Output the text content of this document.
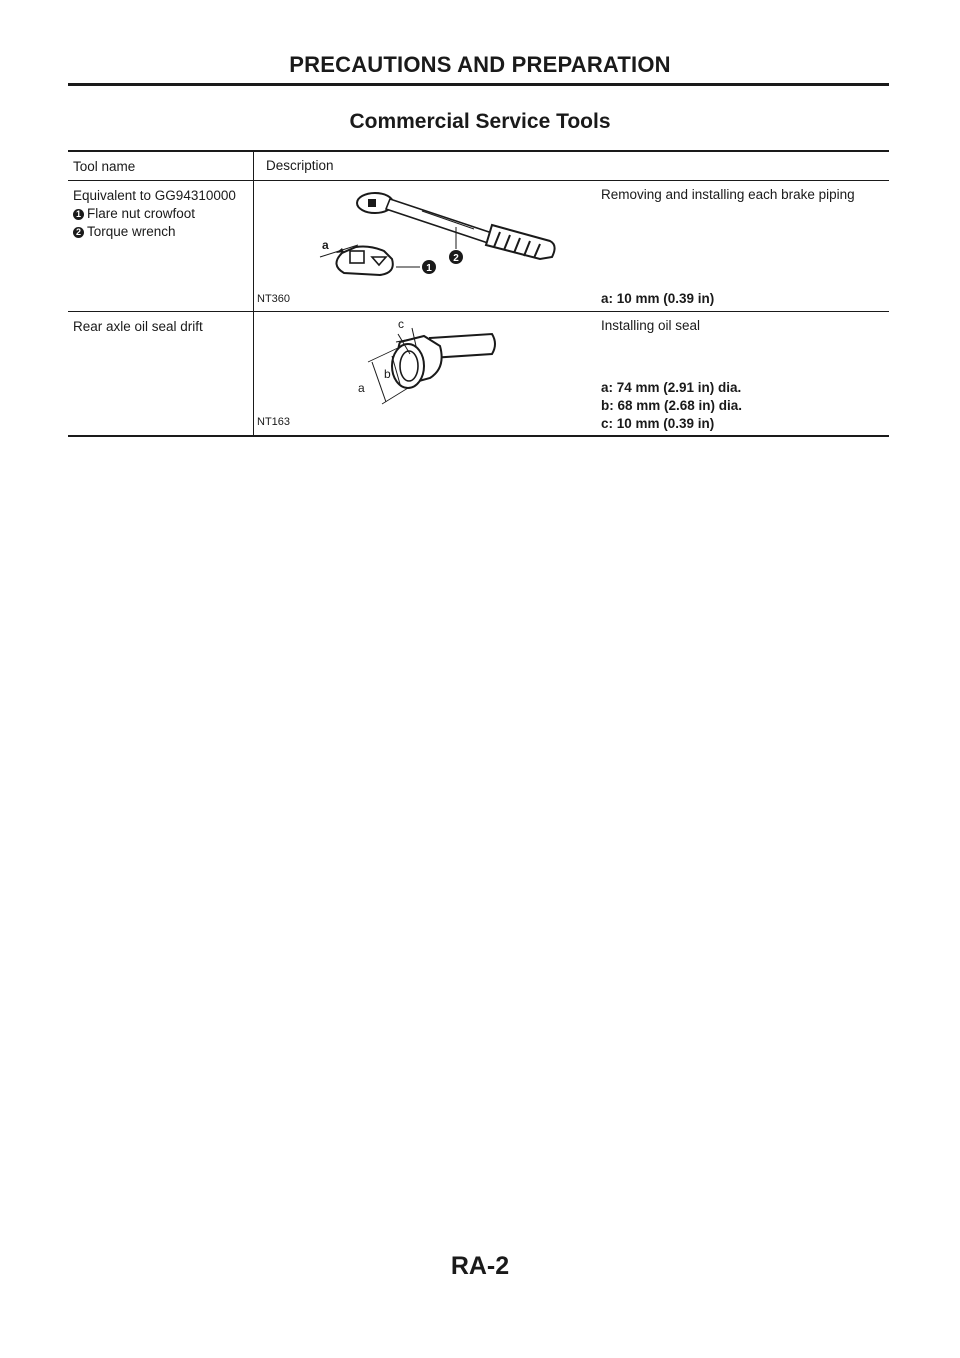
PRECAUTIONS AND PREPARATION
Commercial Service Tools
Tool name	Description
Equivalent to GG94310000
1 Flare nut crowfoot
2 Torque wrench
a
1
2
NT360
Removing and installing each brake piping
a: 10 mm (0.39 in)
Rear axle oil seal drift
a
b
c
NT163
Installing oil seal
a: 74 mm (2.91 in) dia.
b: 68 mm (2.68 in) dia.
c: 10 mm (0.39 in)
RA-2
